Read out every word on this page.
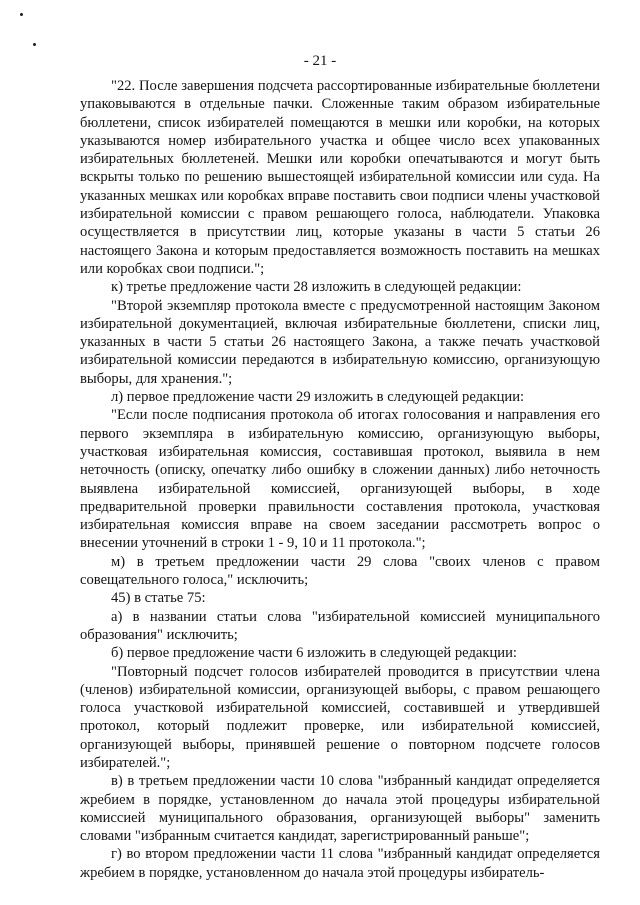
- 21 -

"22. После завершения подсчета рассортированные избирательные бюллетени упаковываются в отдельные пачки. Сложенные таким образом избирательные бюллетени, список избирателей помещаются в мешки или коробки, на которых указываются номер избирательного участка и общее число всех упакованных избирательных бюллетеней. Мешки или коробки опечатываются и могут быть вскрыты только по решению вышестоящей избирательной комиссии или суда. На указанных мешках или коробках вправе поставить свои подписи члены участковой избирательной комиссии с правом решающего голоса, наблюдатели. Упаковка осуществляется в присутствии лиц, которые указаны в части 5 статьи 26 настоящего Закона и которым предоставляется возможность поставить на мешках или коробках свои подписи.";

к) третье предложение части 28 изложить в следующей редакции:

"Второй экземпляр протокола вместе с предусмотренной настоящим Законом избирательной документацией, включая избирательные бюллетени, списки лиц, указанных в части 5 статьи 26 настоящего Закона, а также печать участковой избирательной комиссии передаются в избирательную комиссию, организующую выборы, для хранения.";

л) первое предложение части 29 изложить в следующей редакции:

"Если после подписания протокола об итогах голосования и направления его первого экземпляра в избирательную комиссию, организующую выборы, участковая избирательная комиссия, составившая протокол, выявила в нем неточность (описку, опечатку либо ошибку в сложении данных) либо неточность выявлена избирательной комиссией, организующей выборы, в ходе предварительной проверки правильности составления протокола, участковая избирательная комиссия вправе на своем заседании рассмотреть вопрос о внесении уточнений в строки 1 - 9, 10 и 11 протокола.";

м) в третьем предложении части 29 слова "своих членов с правом совещательного голоса," исключить;

45) в статье 75:

а) в названии статьи слова "избирательной комиссией муниципального образования" исключить;

б) первое предложение части 6 изложить в следующей редакции:

"Повторный подсчет голосов избирателей проводится в присутствии члена (членов) избирательной комиссии, организующей выборы, с правом решающего голоса участковой избирательной комиссией, составившей и утвердившей протокол, который подлежит проверке, или избирательной комиссией, организующей выборы, принявшей решение о повторном подсчете голосов избирателей.";

в) в третьем предложении части 10 слова "избранный кандидат определяется жребием в порядке, установленном до начала этой процедуры избирательной комиссией муниципального образования, организующей выборы" заменить словами "избранным считается кандидат, зарегистрированный раньше";

г) во втором предложении части 11 слова "избранный кандидат определяется жребием в порядке, установленном до начала этой процедуры избиратель-
